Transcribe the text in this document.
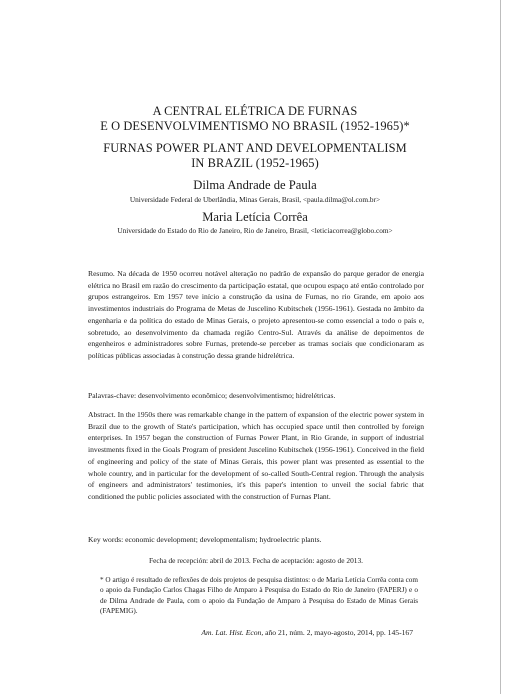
A CENTRAL ELÉTRICA DE FURNAS
E O DESENVOLVIMENTISMO NO BRASIL (1952-1965)*
FURNAS POWER PLANT AND DEVELOPMENTALISM
IN BRAZIL (1952-1965)
Dilma Andrade de Paula
Universidade Federal de Uberlândia, Minas Gerais, Brasil, <paula.dilma@ol.com.br>
Maria Letícia Corrêa
Universidade do Estado do Rio de Janeiro, Rio de Janeiro, Brasil, <leticiacorrea@globo.com>
Resumo. Na década de 1950 ocorreu notável alteração no padrão de expansão do parque gerador de energia elétrica no Brasil em razão do crescimento da participação estatal, que ocupou espaço até então controlado por grupos estrangeiros. Em 1957 teve início a construção da usina de Furnas, no rio Grande, em apoio aos investimentos industriais do Programa de Metas de Juscelino Kubitschek (1956-1961). Gestada no âmbito da engenharia e da política do estado de Minas Gerais, o projeto apresentou-se como essencial a todo o país e, sobretudo, ao desenvolvimento da chamada região Centro-Sul. Através da análise de depoimentos de engenheiros e administradores sobre Furnas, pretende-se perceber as tramas sociais que condicionaram as políticas públicas associadas à construção dessa grande hidrelétrica.
Palavras-chave: desenvolvimento econômico; desenvolvimentismo; hidrelétricas.
Abstract. In the 1950s there was remarkable change in the pattern of expansion of the electric power system in Brazil due to the growth of State's participation, which has occupied space until then controlled by foreign enterprises. In 1957 began the construction of Furnas Power Plant, in Rio Grande, in support of industrial investments fixed in the Goals Program of president Juscelino Kubitschek (1956-1961). Conceived in the field of engineering and policy of the state of Minas Gerais, this power plant was presented as essential to the whole country, and in particular for the development of so-called South-Central region. Through the analysis of engineers and administrators' testimonies, it's this paper's intention to unveil the social fabric that conditioned the public policies associated with the construction of Furnas Plant.
Key words: economic development; developmentalism; hydroelectric plants.
Fecha de recepción: abril de 2013. Fecha de aceptación: agosto de 2013.
* O artigo é resultado de reflexões de dois projetos de pesquisa distintos: o de Maria Letícia Corrêa conta com o apoio da Fundação Carlos Chagas Filho de Amparo à Pesquisa do Estado do Rio de Janeiro (FAPERJ) e o de Dilma Andrade de Paula, com o apoio da Fundação de Amparo à Pesquisa do Estado de Minas Gerais (FAPEMIG).
Am. Lat. Hist. Econ, año 21, núm. 2, mayo-agosto, 2014, pp. 145-167
